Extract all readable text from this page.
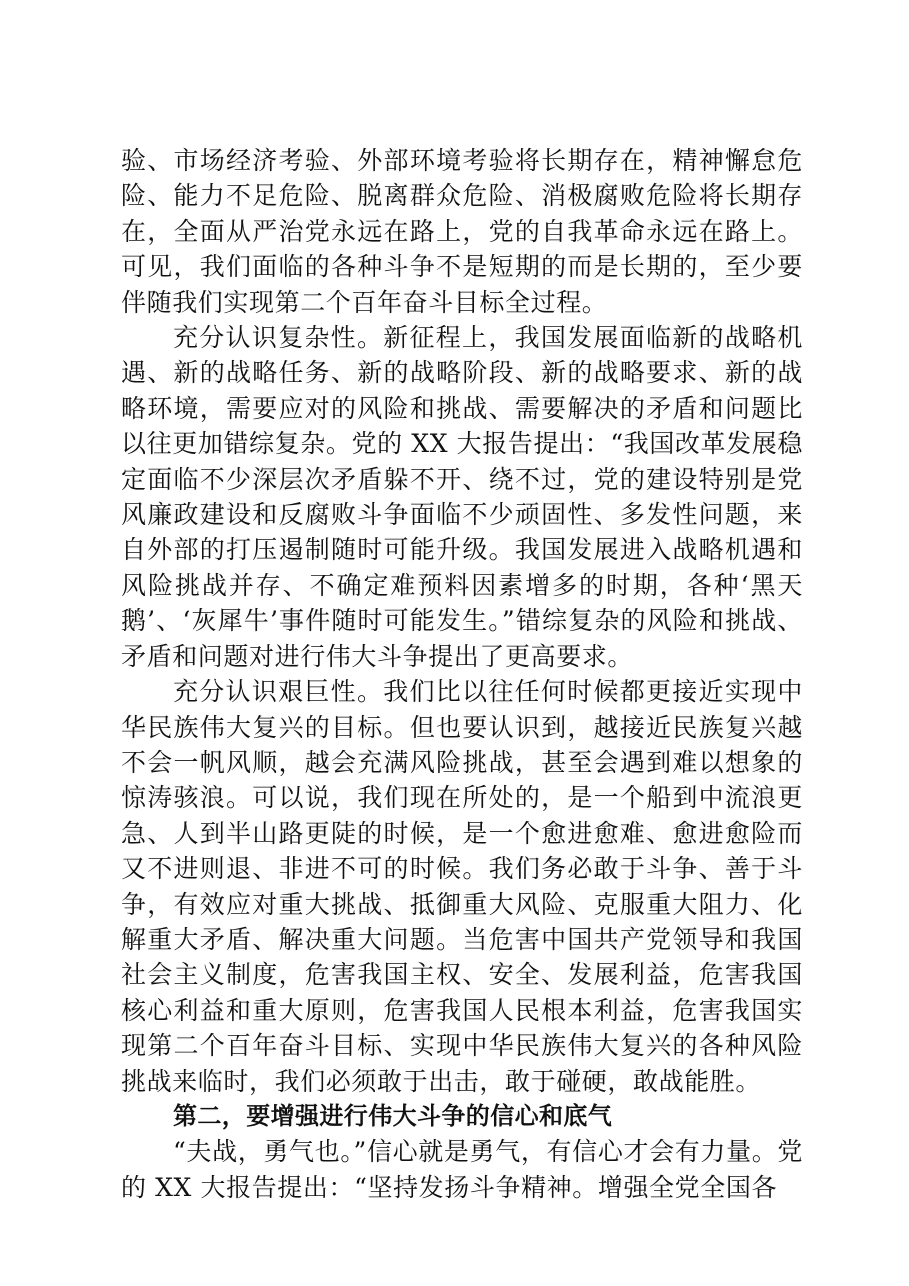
验、市场经济考验、外部环境考验将长期存在，精神懈怠危险、能力不足危险、脱离群众危险、消极腐败危险将长期存在，全面从严治党永远在路上，党的自我革命永远在路上。可见，我们面临的各种斗争不是短期的而是长期的，至少要伴随我们实现第二个百年奋斗目标全过程。

充分认识复杂性。新征程上，我国发展面临新的战略机遇、新的战略任务、新的战略阶段、新的战略要求、新的战略环境，需要应对的风险和挑战、需要解决的矛盾和问题比以往更加错综复杂。党的 XX 大报告提出：“我国改革发展稳定面临不少深层次矛盾躲不开、绕不过，党的建设特别是党风廉政建设和反腐败斗争面临不少顽固性、多发性问题，来自外部的打压遏制随时可能升级。我国发展进入战略机遇和风险挑战并存、不确定难预料因素增多的时期，各种‘黑天鹅’、‘灰犀牛’事件随时可能发生。”错综复杂的风险和挑战、矛盾和问题对进行伟大斗争提出了更高要求。

充分认识艰巨性。我们比以往任何时候都更接近实现中华民族伟大复兴的目标。但也要认识到，越接近民族复兴越不会一帆风顺，越会充满风险挑战，甚至会遇到难以想象的惊涛骇浪。可以说，我们现在所处的，是一个船到中流浪更急、人到半山路更陡的时候，是一个愈进愈难、愈进愈险而又不进则退、非进不可的时候。我们务必敢于斗争、善于斗争，有效应对重大挑战、抵御重大风险、克服重大阻力、化解重大矛盾、解决重大问题。当危害中国共产党领导和我国社会主义制度，危害我国主权、安全、发展利益，危害我国核心利益和重大原则，危害我国人民根本利益，危害我国实现第二个百年奋斗目标、实现中华民族伟大复兴的各种风险挑战来临时，我们必须敢于出击，敢于碰硬，敢战能胜。

第二，要增强进行伟大斗争的信心和底气

“夫战，勇气也。”信心就是勇气，有信心才会有力量。党的 XX 大报告提出：“坚持发扬斗争精神。增强全党全国各
